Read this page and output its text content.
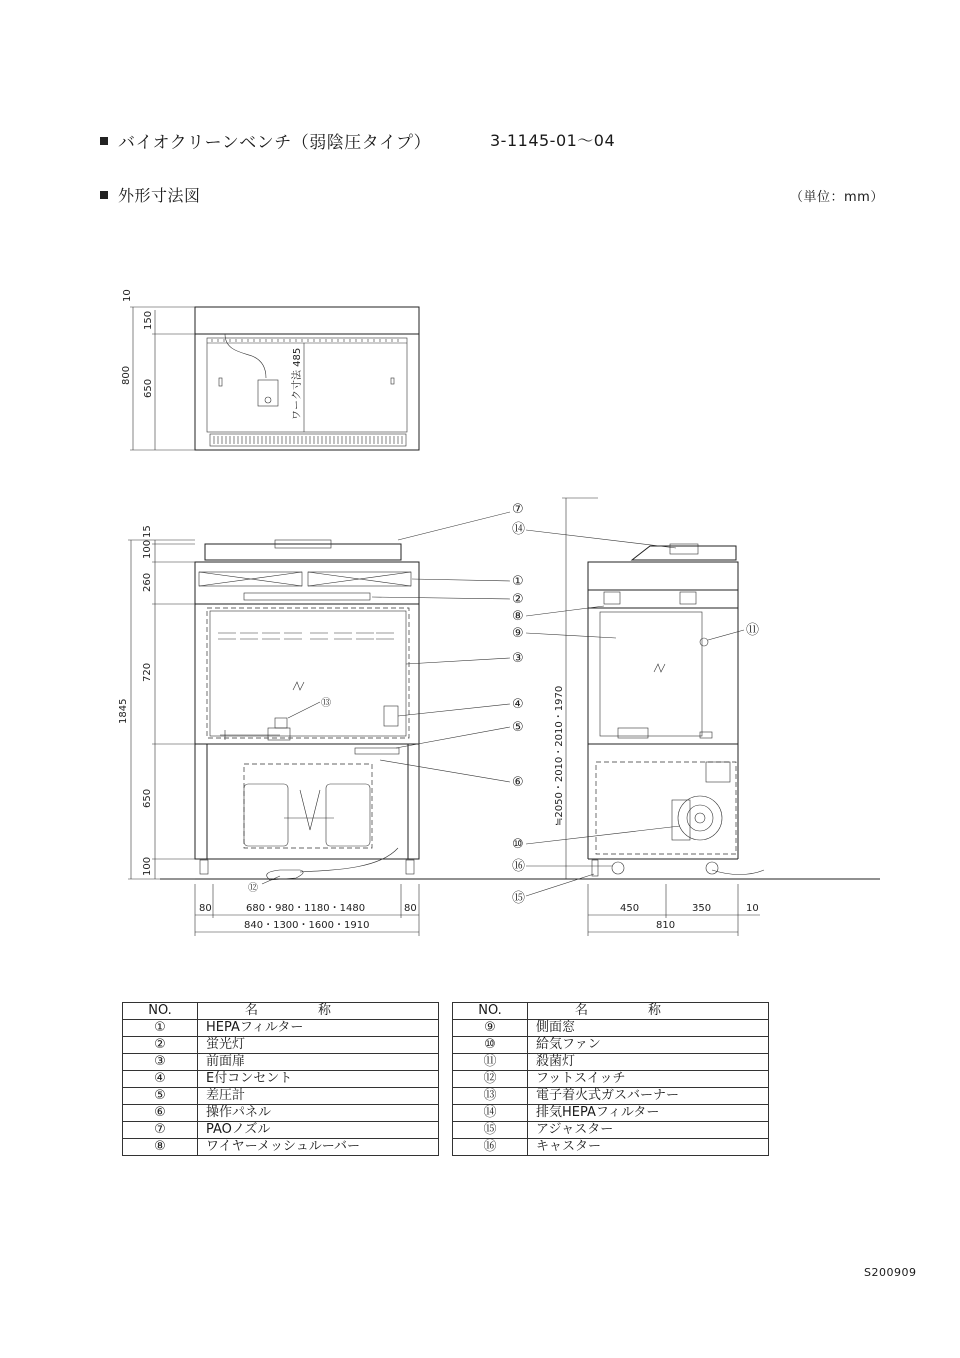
バイオクリーンベンチ（弱陰圧タイプ）	3-1145-01～04
外形寸法図	（単位：mm）
ワーク寸法 485
10
150
800
650
15
100
260
720
1845
650
100
80	680・980・1180・1480	80
840・1300・1600・1910
⑬
⑫
≒2050・2010・2010・1970
450	350	10
810
⑦
⑭
①
②
⑧
⑨	⑪
③
④
⑤
⑥
⑩
⑯
⑮
NO.	名称
①	HEPAフィルター
②	蛍光灯
③	前面扉
④	E付コンセント
⑤	差圧計
⑥	操作パネル
⑦	PAOノズル
⑧	ワイヤーメッシュルーバー
NO.	名称
⑨	側面窓
⑩	給気ファン
⑪	殺菌灯
⑫	フットスイッチ
⑬	電子着火式ガスバーナー
⑭	排気HEPAフィルター
⑮	アジャスター
⑯	キャスター
S200909
